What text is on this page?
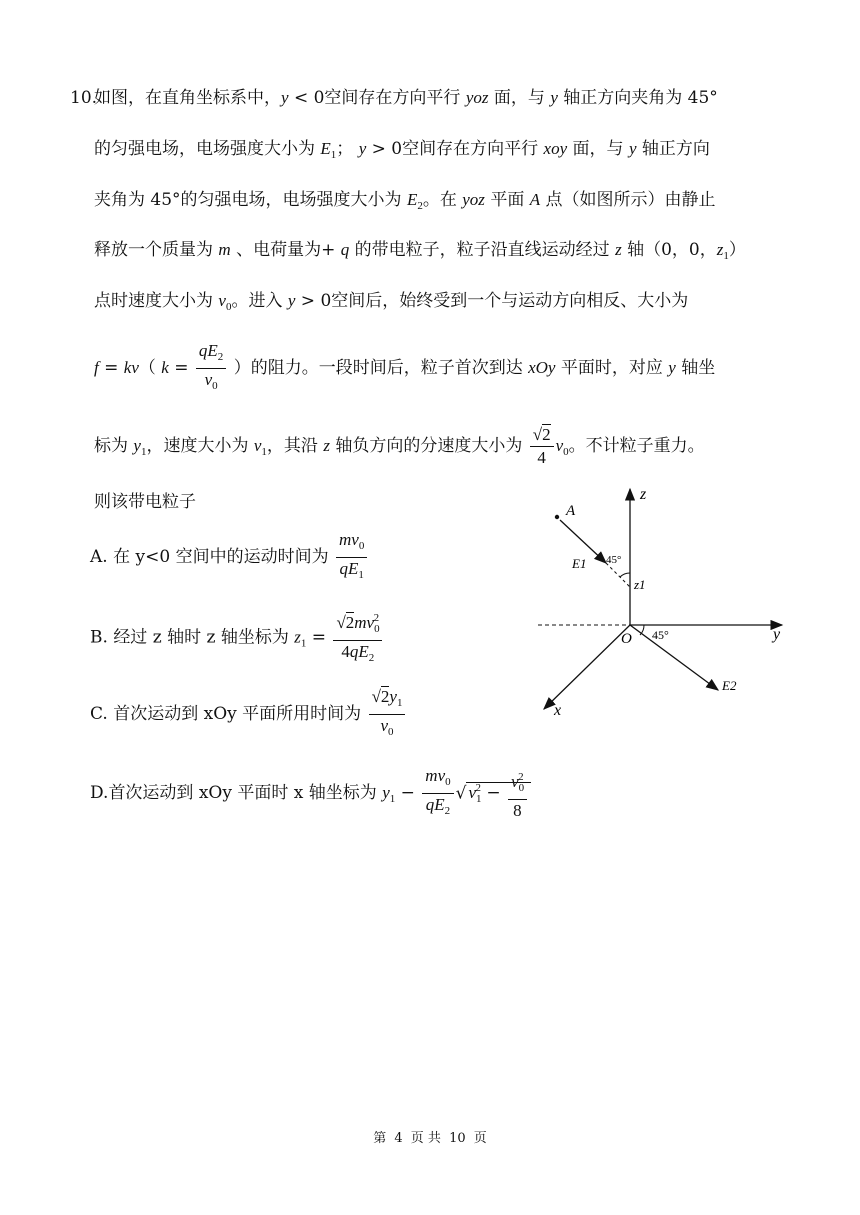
10.
如图，在直角坐标系中，y < 0空间存在方向平行 yoz 面，与 y 轴正方向夹角为 45°
的匀强电场，电场强度大小为 $E_1$； y > 0空间存在方向平行 xoy 面，与 y 轴正方向
夹角为 45°的匀强电场，电场强度大小为 $E_2$。在 yoz 平面 A 点（如图所示）由静止
释放一个质量为 m 、电荷量为+ q 的带电粒子，粒子沿直线运动经过 z 轴（0，0，$z_1$）
点时速度大小为 $v_0$。进入 y > 0空间后，始终受到一个与运动方向相反、大小为
f = kv（ $k = \frac{qE_2}{v_0}$ ）的阻力。一段时间后，粒子首次到达 xOy 平面时，对应 y 轴坐
标为 $y_1$，速度大小为 $v_1$，其沿 z 轴负方向的分速度大小为 $\frac{√2}{4} v_0$。不计粒子重力。
则该带电粒子
A. 在 y<0 空间中的运动时间为 $\frac{mv_0}{qE_1}$
B. 经过 z 轴时 z 轴坐标为 $z_1 = \frac{√2mv_0^2}{4qE_2}$
C. 首次运动到 xOy 平面所用时间为 $\frac{√2y_1}{v_0}$
D.首次运动到 xOy 平面时 x 轴坐标为 $y_1 - \frac{mv_0}{qE_2}$ √ $v_1^2 - \frac{v_0^2}{8}$
A
z
y
x
O
E1
E2
z1
45°
45°
第 4 页 共 10 页
